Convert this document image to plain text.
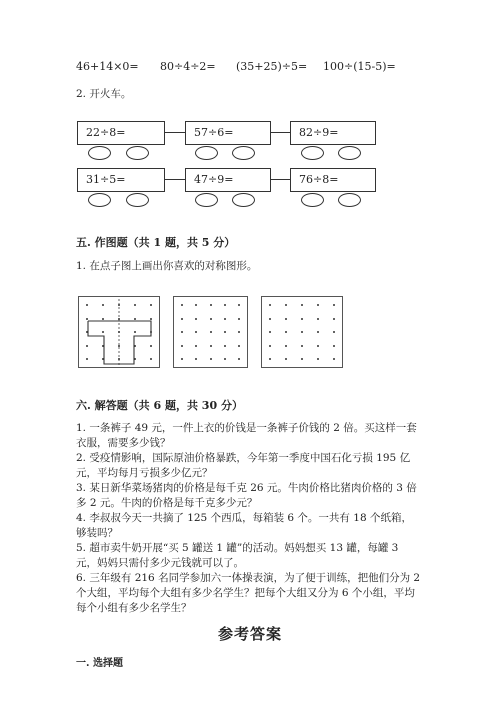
46+14×0= 80÷4÷2= (35+25)÷5= 100÷(15-5)=
2. 开火车。
22÷8=	57÷6=	82÷9=
31÷5=	47÷9=	76÷8=
五. 作图题（共 1 题，共 5 分）
1. 在点子图上画出你喜欢的对称图形。
六. 解答题（共 6 题，共 30 分）

1. 一条裤子 49 元，一件上衣的价钱是一条裤子价钱的 2 倍。买这样一套衣服，需要多少钱？

2. 受疫情影响，国际原油价格暴跌，今年第一季度中国石化亏损 195 亿元，平均每月亏损多少亿元？

3. 某日新华菜场猪肉的价格是每千克 26 元。牛肉价格比猪肉价格的 3 倍多 2 元。牛肉的价格是每千克多少元？

4. 李叔叔今天一共摘了 125 个西瓜，每箱装 6 个。一共有 18 个纸箱，够装吗？

5. 超市卖牛奶开展“买 5 罐送 1 罐”的活动。妈妈想买 13 罐，每罐 3 元，妈妈只需付多少元钱就可以了。

6. 三年级有 216 名同学参加六一体操表演，为了便于训练，把他们分为 2 个大组，平均每个大组有多少名学生？把每个大组又分为 6 个小组，平均每个小组有多少名学生？

参考答案
一. 选择题
